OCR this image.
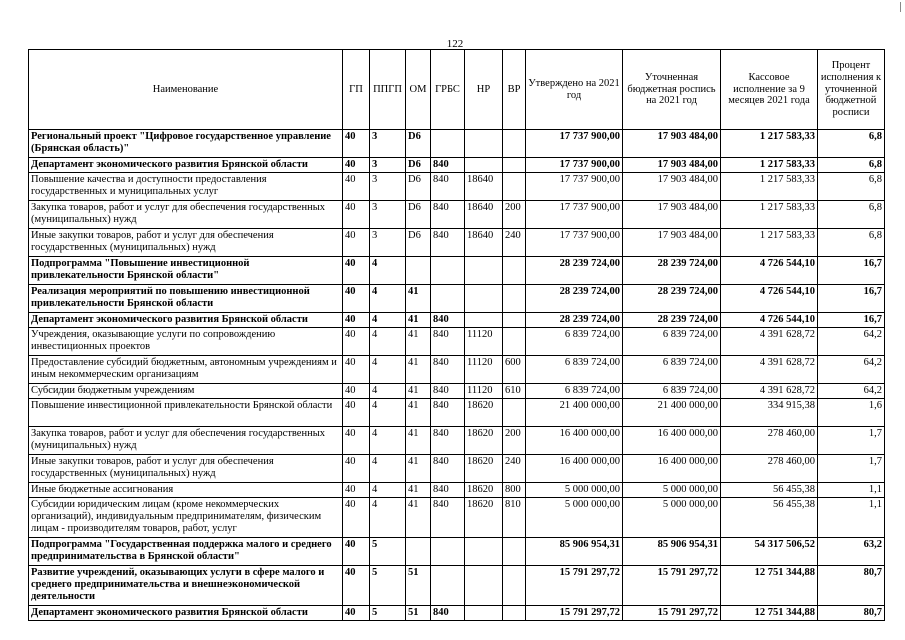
122
Наименование	ГП	ППГП	ОМ	ГРБС	НР	ВР	Утверждено на 2021 год	Уточненная бюджетная роспись на 2021 год	Кассовое исполнение за 9 месяцев 2021 года	Процент исполнения к уточненной бюджетной росписи
Региональный проект "Цифровое государственное управление (Брянская область)"	40	3	D6				17 737 900,00	17 903 484,00	1 217 583,33	6,8
Департамент экономического развития Брянской области	40	3	D6	840			17 737 900,00	17 903 484,00	1 217 583,33	6,8
Повышение качества и доступности предоставления государственных и муниципальных услуг	40	3	D6	840	18640		17 737 900,00	17 903 484,00	1 217 583,33	6,8
Закупка товаров, работ и услуг для обеспечения государственных (муниципальных) нужд	40	3	D6	840	18640	200	17 737 900,00	17 903 484,00	1 217 583,33	6,8
Иные закупки товаров, работ и услуг для обеспечения государственных (муниципальных) нужд	40	3	D6	840	18640	240	17 737 900,00	17 903 484,00	1 217 583,33	6,8
Подпрограмма "Повышение инвестиционной привлекательности Брянской области"	40	4					28 239 724,00	28 239 724,00	4 726 544,10	16,7
Реализация мероприятий по повышению инвестиционной привлекательности Брянской области	40	4	41				28 239 724,00	28 239 724,00	4 726 544,10	16,7
Департамент экономического развития Брянской области	40	4	41	840			28 239 724,00	28 239 724,00	4 726 544,10	16,7
Учреждения, оказывающие услуги по сопровождению инвестиционных проектов	40	4	41	840	11120		6 839 724,00	6 839 724,00	4 391 628,72	64,2
Предоставление субсидий бюджетным, автономным учреждениям и иным некоммерческим организациям	40	4	41	840	11120	600	6 839 724,00	6 839 724,00	4 391 628,72	64,2
Субсидии бюджетным учреждениям	40	4	41	840	11120	610	6 839 724,00	6 839 724,00	4 391 628,72	64,2
Повышение инвестиционной привлекательности Брянской области	40	4	41	840	18620		21 400 000,00	21 400 000,00	334 915,38	1,6
Закупка товаров, работ и услуг для обеспечения государственных (муниципальных) нужд	40	4	41	840	18620	200	16 400 000,00	16 400 000,00	278 460,00	1,7
Иные закупки товаров, работ и услуг для обеспечения государственных (муниципальных) нужд	40	4	41	840	18620	240	16 400 000,00	16 400 000,00	278 460,00	1,7
Иные бюджетные ассигнования	40	4	41	840	18620	800	5 000 000,00	5 000 000,00	56 455,38	1,1
Субсидии юридическим лицам (кроме некоммерческих организаций), индивидуальным предпринимателям, физическим лицам - производителям товаров, работ, услуг	40	4	41	840	18620	810	5 000 000,00	5 000 000,00	56 455,38	1,1
Подпрограмма "Государственная поддержка малого и среднего предпринимательства в Брянской области"	40	5					85 906 954,31	85 906 954,31	54 317 506,52	63,2
Развитие учреждений, оказывающих услуги в сфере малого и среднего предпринимательства и внешнеэкономической деятельности	40	5	51				15 791 297,72	15 791 297,72	12 751 344,88	80,7
Департамент экономического развития Брянской области	40	5	51	840			15 791 297,72	15 791 297,72	12 751 344,88	80,7
